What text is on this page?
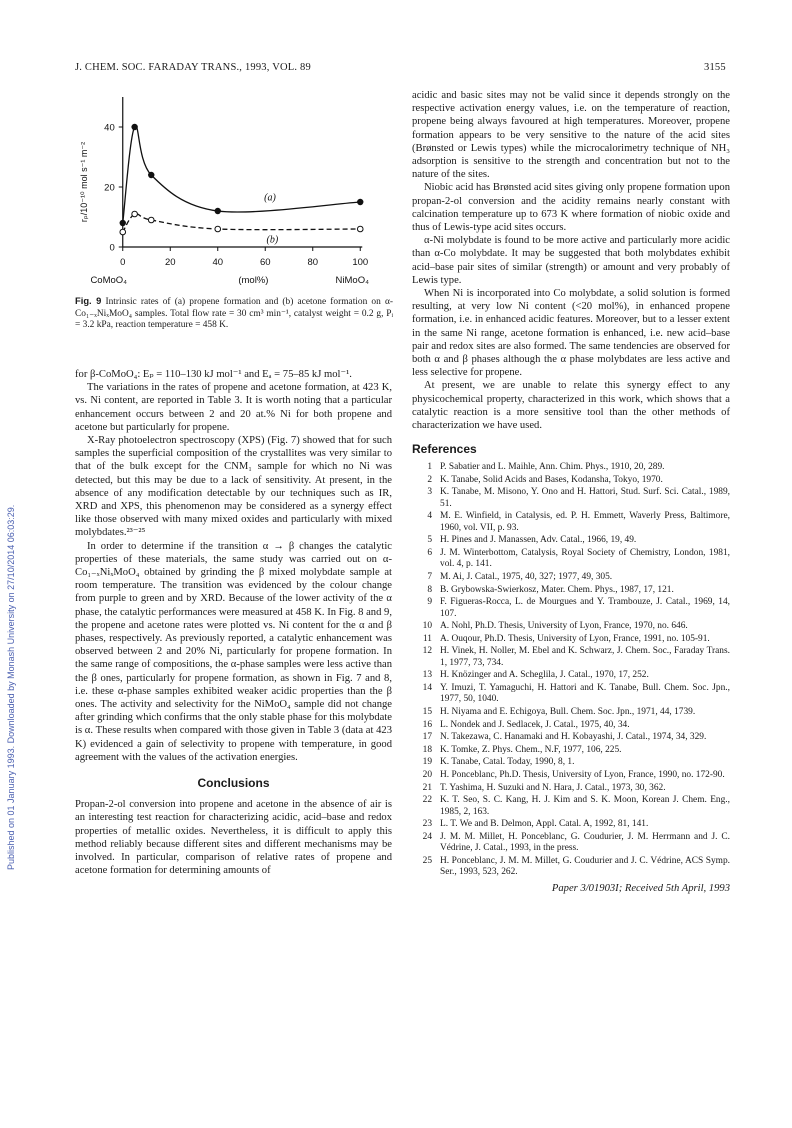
J. CHEM. SOC. FARADAY TRANS., 1993, VOL. 89	3155
Published on 01 January 1993. Downloaded by Monash University on 27/10/2014 06:03:29.
0	20	40	60	80	100
0
20
40
rₚ/10⁻¹⁰ mol s⁻¹ m⁻²
CoMoO₄	(mol%)	NiMoO₄
(a)
(b)
Fig. 9 Intrinsic rates of (a) propene formation and (b) acetone formation on α-Co₁₋ₓNiₓMoO₄ samples. Total flow rate = 30 cm³ min⁻¹, catalyst weight = 0.2 g, Pᵢ = 3.2 kPa, reaction temperature = 458 K.

for β-CoMoO₄: Eₚ = 110–130 kJ mol⁻¹ and Eₐ = 75–85 kJ mol⁻¹.

The variations in the rates of propene and acetone formation, at 423 K, vs. Ni content, are reported in Table 3. It is worth noting that a particular enhancement occurs between 2 and 20 at.% Ni for both propene and acetone but particularly for propene.

X-Ray photoelectron spectroscopy (XPS) (Fig. 7) showed that for such samples the superficial composition of the crystallites was very similar to that of the bulk except for the CNM₁ sample for which no Ni was detected, but this may be due to a lack of sensitivity. At present, in the absence of any modification detectable by our techniques such as IR, XRD and XPS, this phenomenon may be considered as a synergy effect like those observed with many mixed oxides and particularly with mixed molybdates.²³⁻²⁵

In order to determine if the transition α → β changes the catalytic properties of these materials, the same study was carried out on α-Co₁₋ₓNiₓMoO₄ obtained by grinding the β mixed molybdate sample at room temperature. The transition was evidenced by the colour change from purple to green and by XRD. Because of the lower activity of the α phase, the catalytic performances were measured at 458 K. In Fig. 8 and 9, the propene and acetone rates were plotted vs. Ni content for the α and β phases, respectively. As previously reported, a catalytic enhancement was observed between 2 and 20% Ni, particularly for propene formation. In the same range of compositions, the α-phase samples were less active than the β ones, particularly for propene formation, as shown in Fig. 7 and 8, i.e. these α-phase samples exhibited weaker acidic properties than the β ones. The activity and selectivity for the NiMoO₄ sample did not change after grinding which confirms that the only stable phase for this molybdate is α. These results when compared with those given in Table 3 (data at 423 K) evidenced a gain of selectivity to propene with temperature, in good agreement with the values of the activation energies.

Conclusions

Propan-2-ol conversion into propene and acetone in the absence of air is an interesting test reaction for characterizing acidic, acid–base and redox properties of metallic oxides. Nevertheless, it is difficult to apply this method reliably because different sites and different mechanisms may be involved. In particular, comparison of relative rates of propene and acetone formation for determining amounts of

acidic and basic sites may not be valid since it depends strongly on the respective activation energy values, i.e. on the temperature of reaction, propene being always favoured at high temperatures. Moreover, propene formation appears to be very sensitive to the nature of the acid sites (Brønsted or Lewis types) while the microcalorimetry technique of NH₃ adsorption is sensitive to the strength and concentration but not to the nature of the sites.

Niobic acid has Brønsted acid sites giving only propene formation upon propan-2-ol conversion and the acidity remains nearly constant with calcination temperature up to 673 K where formation of niobic oxide and thus of Lewis-type acid sites occurs.

α-Ni molybdate is found to be more active and particularly more acidic than α-Co molybdate. It may be suggested that both molybdates exhibit acid–base pair sites of similar (strength) or amount and very probably of Lewis type.

When Ni is incorporated into Co molybdate, a solid solution is formed resulting, at very low Ni content (<20 mol%), in enhanced propene formation, i.e. in enhanced acidic features. Moreover, but to a lesser extent in the same Ni range, acetone formation is enhanced, i.e. new acid–base pair and redox sites are also formed. The same tendencies are observed for both α and β phases although the α phase molybdates are less active and less selective for propene.

At present, we are unable to relate this synergy effect to any physicochemical property, characterized in this work, which shows that a catalytic reaction is a more sensitive tool than the other methods of characterization we have used.

References
1 P. Sabatier and L. Maihle, Ann. Chim. Phys., 1910, 20, 289.
2 K. Tanabe, Solid Acids and Bases, Kodansha, Tokyo, 1970.
3 K. Tanabe, M. Misono, Y. Ono and H. Hattori, Stud. Surf. Sci. Catal., 1989, 51.
4 M. E. Winfield, in Catalysis, ed. P. H. Emmett, Waverly Press, Baltimore, 1960, vol. VII, p. 93.
5 H. Pines and J. Manassen, Adv. Catal., 1966, 19, 49.
6 J. M. Winterbottom, Catalysis, Royal Society of Chemistry, London, 1981, vol. 4, p. 141.
7 M. Ai, J. Catal., 1975, 40, 327; 1977, 49, 305.
8 B. Grybowska-Swierkosz, Mater. Chem. Phys., 1987, 17, 121.
9 F. Figueras-Rocca, L. de Mourgues and Y. Trambouze, J. Catal., 1969, 14, 107.
10 A. Nohl, Ph.D. Thesis, University of Lyon, France, 1970, no. 646.
11 A. Ouqour, Ph.D. Thesis, University of Lyon, France, 1991, no. 105-91.
12 H. Vinek, H. Noller, M. Ebel and K. Schwarz, J. Chem. Soc., Faraday Trans. 1, 1977, 73, 734.
13 H. Knözinger and A. Scheglila, J. Catal., 1970, 17, 252.
14 Y. Imuzi, T. Yamaguchi, H. Hattori and K. Tanabe, Bull. Chem. Soc. Jpn., 1977, 50, 1040.
15 H. Niyama and E. Echigoya, Bull. Chem. Soc. Jpn., 1971, 44, 1739.
16 L. Nondek and J. Sedlacek, J. Catal., 1975, 40, 34.
17 N. Takezawa, C. Hanamaki and H. Kobayashi, J. Catal., 1974, 34, 329.
18 K. Tomke, Z. Phys. Chem., N.F, 1977, 106, 225.
19 K. Tanabe, Catal. Today, 1990, 8, 1.
20 H. Ponceblanc, Ph.D. Thesis, University of Lyon, France, 1990, no. 172-90.
21 T. Yashima, H. Suzuki and N. Hara, J. Catal., 1973, 30, 362.
22 K. T. Seo, S. C. Kang, H. J. Kim and S. K. Moon, Korean J. Chem. Eng., 1985, 2, 163.
23 L. T. We and B. Delmon, Appl. Catal. A, 1992, 81, 141.
24 J. M. M. Millet, H. Ponceblanc, G. Coudurier, J. M. Herrmann and J. C. Védrine, J. Catal., 1993, in the press.
25 H. Ponceblanc, J. M. M. Millet, G. Coudurier and J. C. Védrine, ACS Symp. Ser., 1993, 523, 262.
Paper 3/01903I; Received 5th April, 1993
